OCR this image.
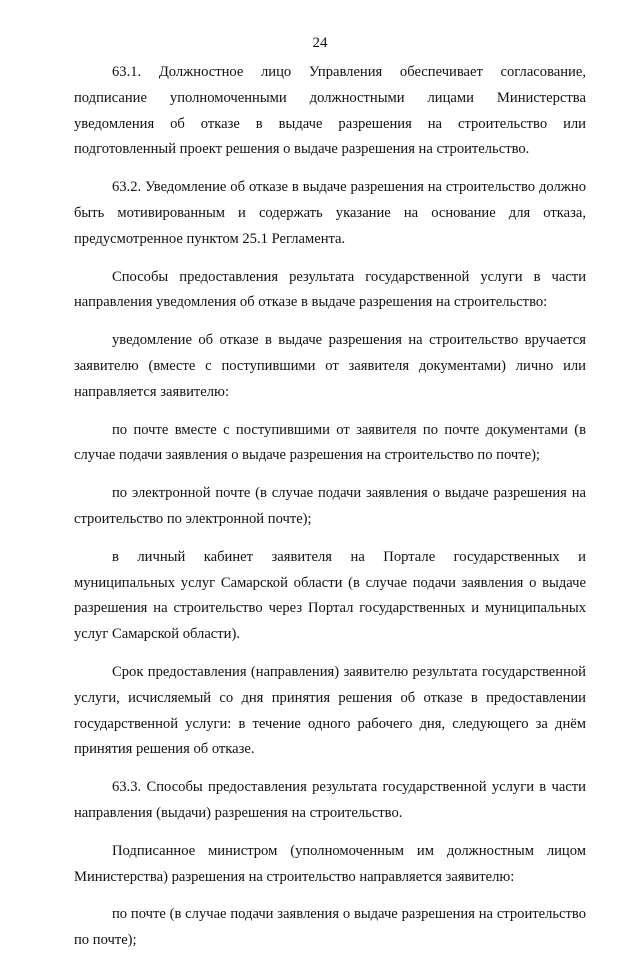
24

63.1. Должностное лицо Управления обеспечивает согласование, подписание уполномоченными должностными лицами Министерства уведомления об отказе в выдаче разрешения на строительство или подготовленный проект решения о выдаче разрешения на строительство.

63.2. Уведомление об отказе в выдаче разрешения на строительство должно быть мотивированным и содержать указание на основание для отказа, предусмотренное пунктом 25.1 Регламента.

Способы предоставления результата государственной услуги в части направления уведомления об отказе в выдаче разрешения на строительство:

уведомление об отказе в выдаче разрешения на строительство вручается заявителю (вместе с поступившими от заявителя документами) лично или направляется заявителю:

по почте вместе с поступившими от заявителя по почте документами (в случае подачи заявления о выдаче разрешения на строительство по почте);

по электронной почте (в случае подачи заявления о выдаче разрешения на строительство по электронной почте);

в личный кабинет заявителя на Портале государственных и муниципальных услуг Самарской области (в случае подачи заявления о выдаче разрешения на строительство через Портал государственных и муниципальных услуг Самарской области).

Срок предоставления (направления) заявителю результата государственной услуги, исчисляемый со дня принятия решения об отказе в предоставлении государственной услуги: в течение одного рабочего дня, следующего за днём принятия решения об отказе.

63.3. Способы предоставления результата государственной услуги в части направления (выдачи) разрешения на строительство.

Подписанное министром (уполномоченным им должностным лицом Министерства) разрешения на строительство направляется заявителю:

по почте (в случае подачи заявления о выдаче разрешения на строительство по почте);
